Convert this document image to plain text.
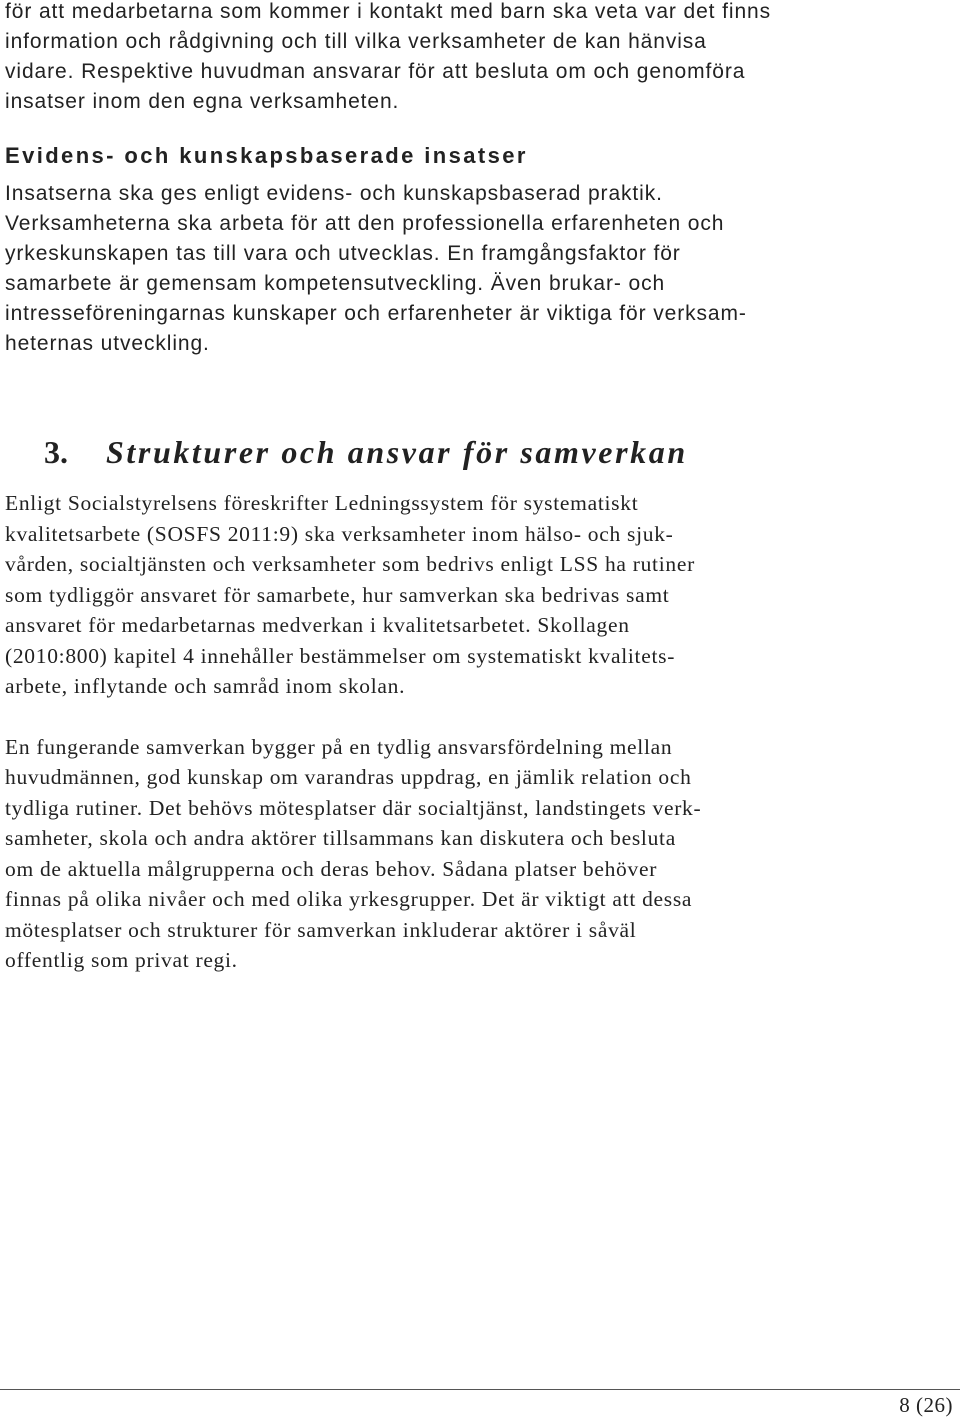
för att medarbetarna som kommer i kontakt med barn ska veta var det finns

information och rådgivning och till vilka verksamheter de kan hänvisa

vidare. Respektive huvudman ansvarar för att besluta om och genomföra

insatser inom den egna verksamheten.

Evidens- och kunskapsbaserade insatser

Insatserna ska ges enligt evidens- och kunskapsbaserad praktik.

Verksamheterna ska arbeta för att den professionella erfarenheten och

yrkeskunskapen tas till vara och utvecklas. En framgångsfaktor för

samarbete är gemensam kompetensutveckling. Även brukar- och

intresseföreningarnas kunskaper och erfarenheter är viktiga för verksam-

heternas utveckling.

3. Strukturer och ansvar för samverkan

Enligt Socialstyrelsens föreskrifter Ledningssystem för systematiskt

kvalitetsarbete (SOSFS 2011:9) ska verksamheter inom hälso- och sjuk-

vården, socialtjänsten och verksamheter som bedrivs enligt LSS ha rutiner

som tydliggör ansvaret för samarbete, hur samverkan ska bedrivas samt

ansvaret för medarbetarnas medverkan i kvalitetsarbetet. Skollagen

(2010:800) kapitel 4 innehåller bestämmelser om systematiskt kvalitets-

arbete, inflytande och samråd inom skolan.

En fungerande samverkan bygger på en tydlig ansvarsfördelning mellan

huvudmännen, god kunskap om varandras uppdrag, en jämlik relation och

tydliga rutiner. Det behövs mötesplatser där socialtjänst, landstingets verk-

samheter, skola och andra aktörer tillsammans kan diskutera och besluta

om de aktuella målgrupperna och deras behov. Sådana platser behöver

finnas på olika nivåer och med olika yrkesgrupper. Det är viktigt att dessa

mötesplatser och strukturer för samverkan inkluderar aktörer i såväl

offentlig som privat regi.

8 (26)
